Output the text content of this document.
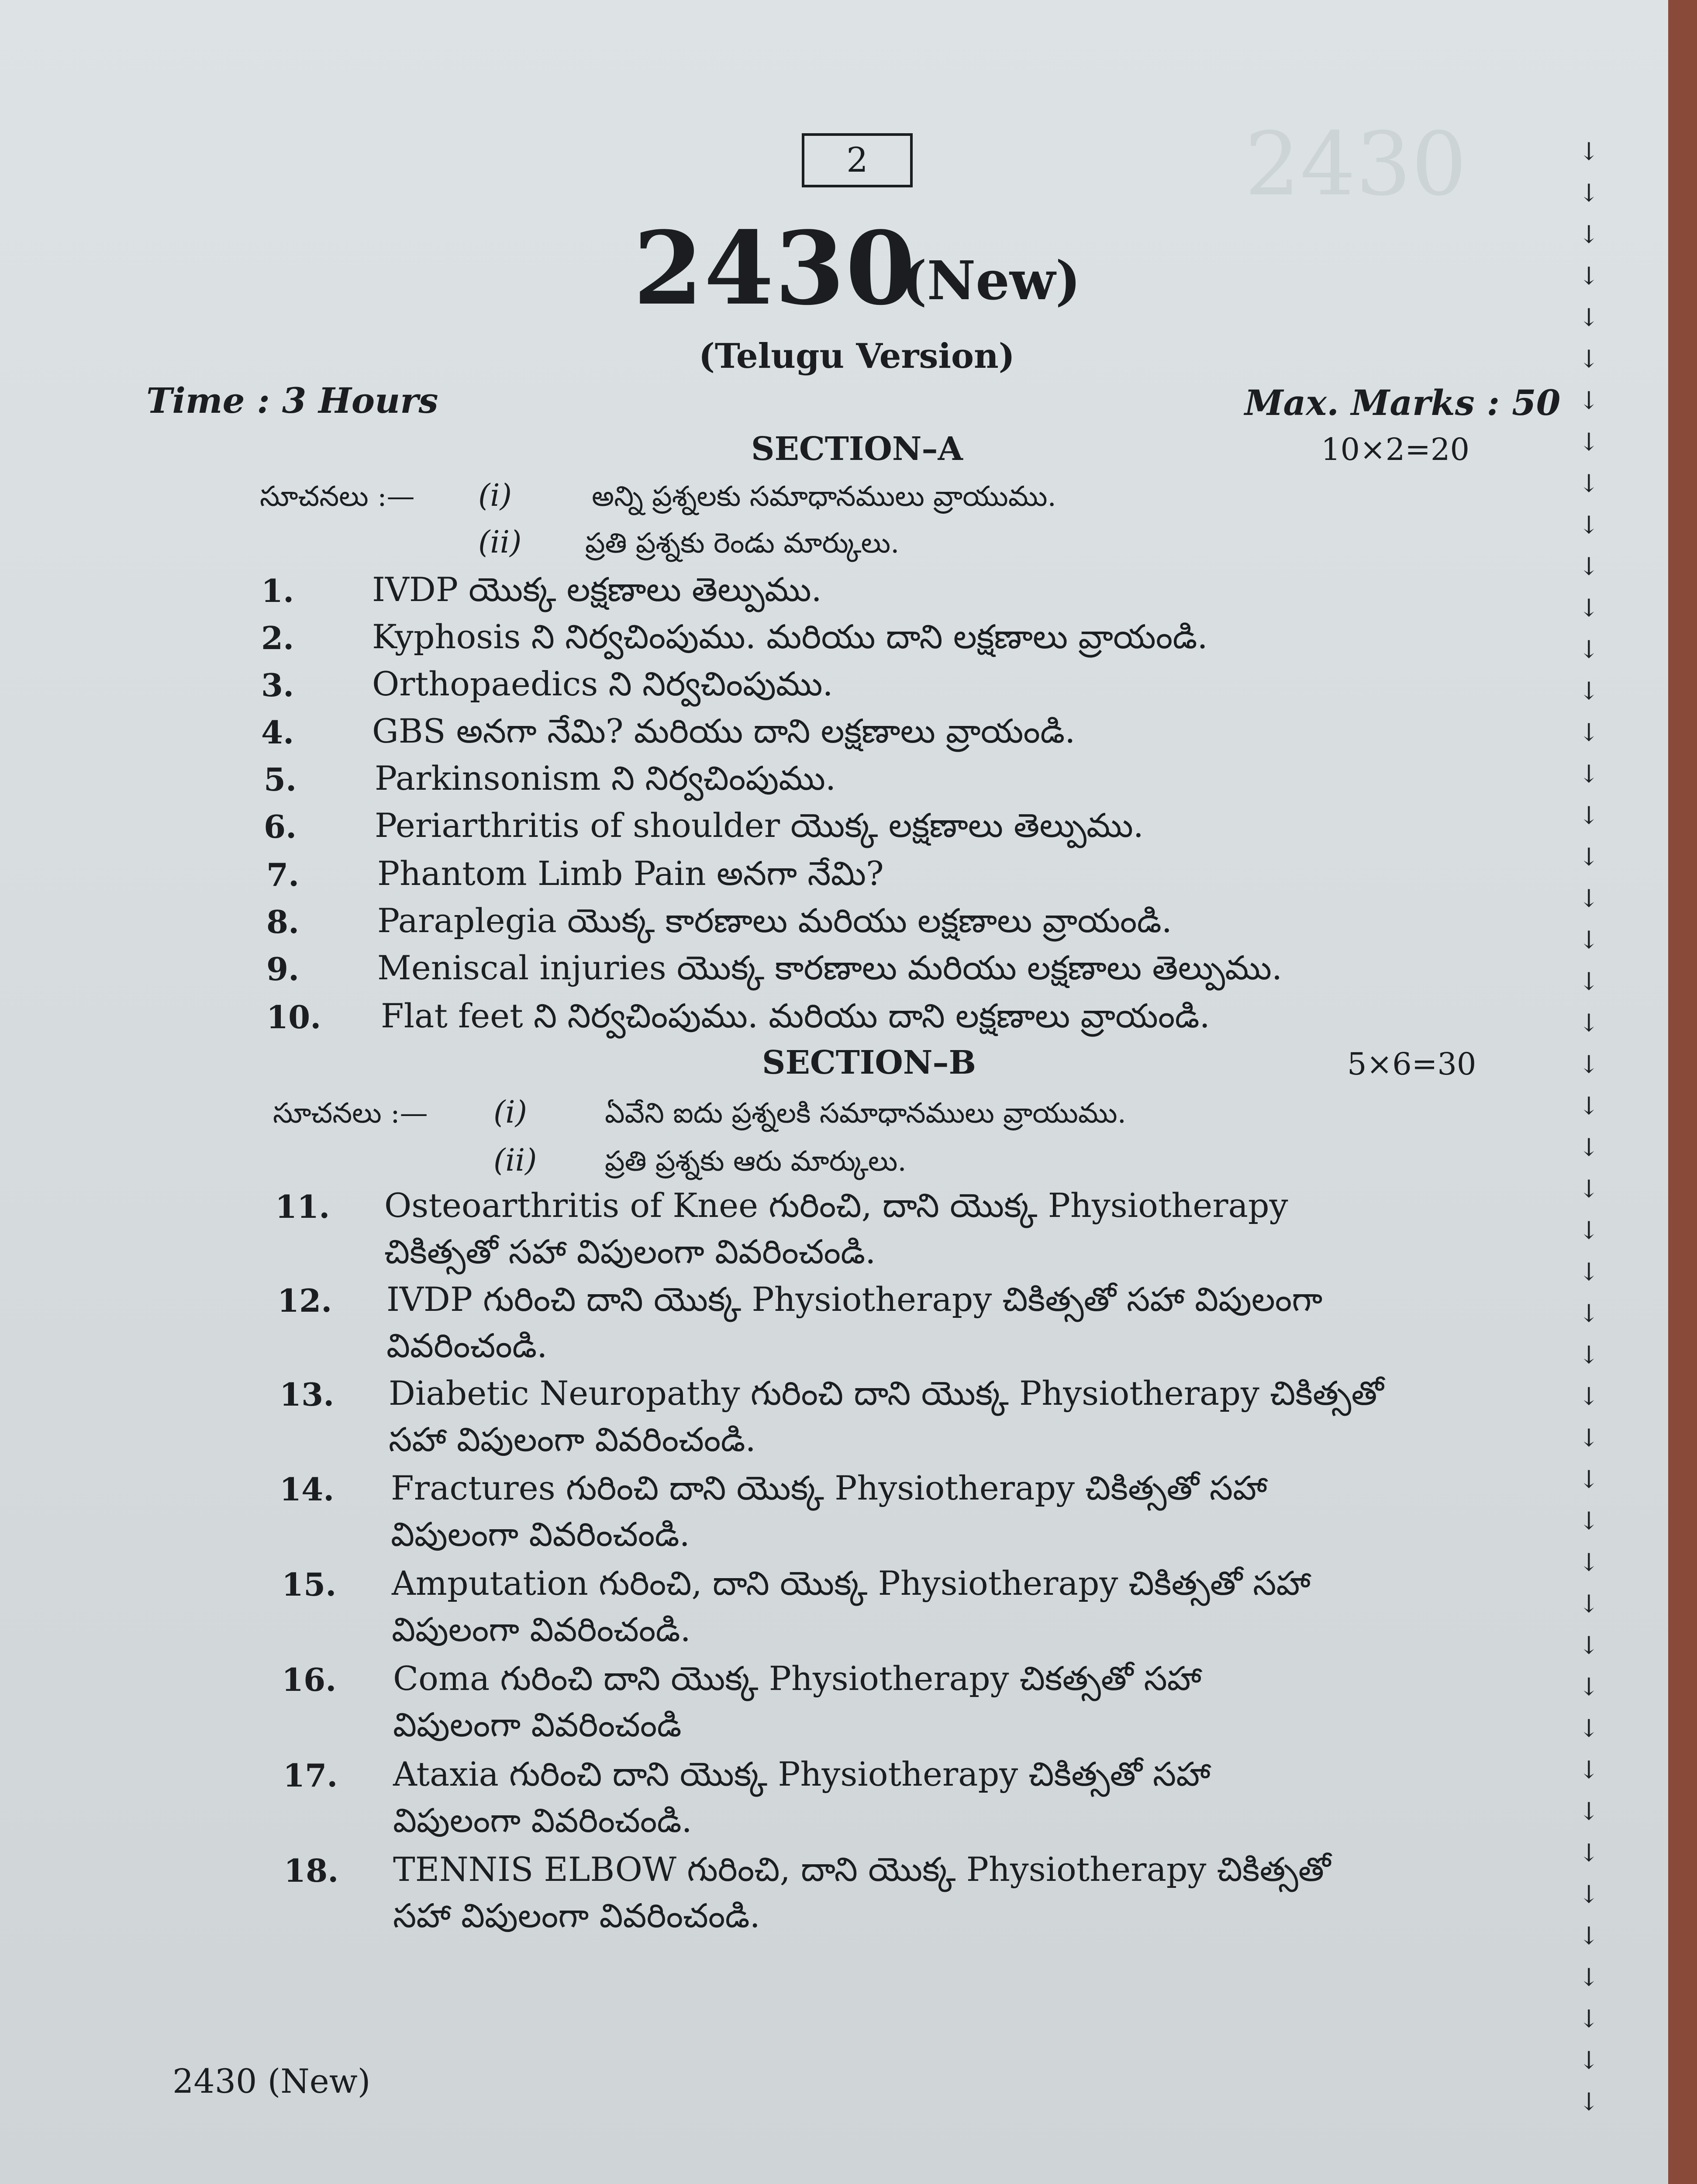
2430
2
2430
(New)
(Telugu Version)
Time : 3 Hours	Max. Marks : 50
SECTION–A	10×2=20
సూచనలు :— (i)	అన్ని ప్రశ్నలకు సమాధానములు వ్రాయుము.
(ii) ప్రతి ప్రశ్నకు రెండు మార్కులు.
1. IVDP యొక్క లక్షణాలు తెల్పుము.
2. Kyphosis ని నిర్వచింపుము. మరియు దాని లక్షణాలు వ్రాయండి.
3. Orthopaedics ని నిర్వచింపుము.
4. GBS అనగా నేమి? మరియు దాని లక్షణాలు వ్రాయండి.
5. Parkinsonism ని నిర్వచింపుము.
6. Periarthritis of shoulder యొక్క లక్షణాలు తెల్పుము.
7. Phantom Limb Pain అనగా నేమి?
8. Paraplegia యొక్క కారణాలు మరియు లక్షణాలు వ్రాయండి.
9. Meniscal injuries యొక్క కారణాలు మరియు లక్షణాలు తెల్పుము.
10. Flat feet ని నిర్వచింపుము. మరియు దాని లక్షణాలు వ్రాయండి.
SECTION–B	5×6=30
సూచనలు :— (i)	ఏవేని ఐదు ప్రశ్నలకి సమాధానములు వ్రాయుము.
(ii) ప్రతి ప్రశ్నకు ఆరు మార్కులు.
11. Osteoarthritis of Knee గురించి, దాని యొక్క Physiotherapy
చికిత్సతో సహా విపులంగా వివరించండి.
12. IVDP గురించి దాని యొక్క Physiotherapy చికిత్సతో సహా విపులంగా
వివరించండి.
13. Diabetic Neuropathy గురించి దాని యొక్క Physiotherapy చికిత్సతో
సహా విపులంగా వివరించండి.
14. Fractures గురించి దాని యొక్క Physiotherapy చికిత్సతో సహా
విపులంగా వివరించండి.
15. Amputation గురించి, దాని యొక్క Physiotherapy చికిత్సతో సహా
విపులంగా వివరించండి.
16. Coma గురించి దాని యొక్క Physiotherapy చికత్సతో సహా
విపులంగా వివరించండి
17. Ataxia గురించి దాని యొక్క Physiotherapy చికిత్సతో సహా
విపులంగా వివరించండి.
18. TENNIS ELBOW గురించి, దాని యొక్క Physiotherapy చికిత్సతో
సహా విపులంగా వివరించండి.
2430 (New)
↓
↓
↓
↓
↓
↓
↓
↓
↓
↓
↓
↓
↓
↓
↓
↓
↓
↓
↓
↓
↓
↓
↓
↓
↓
↓
↓
↓
↓
↓
↓
↓
↓
↓
↓
↓
↓
↓
↓
↓
↓
↓
↓
↓
↓
↓
↓
↓
